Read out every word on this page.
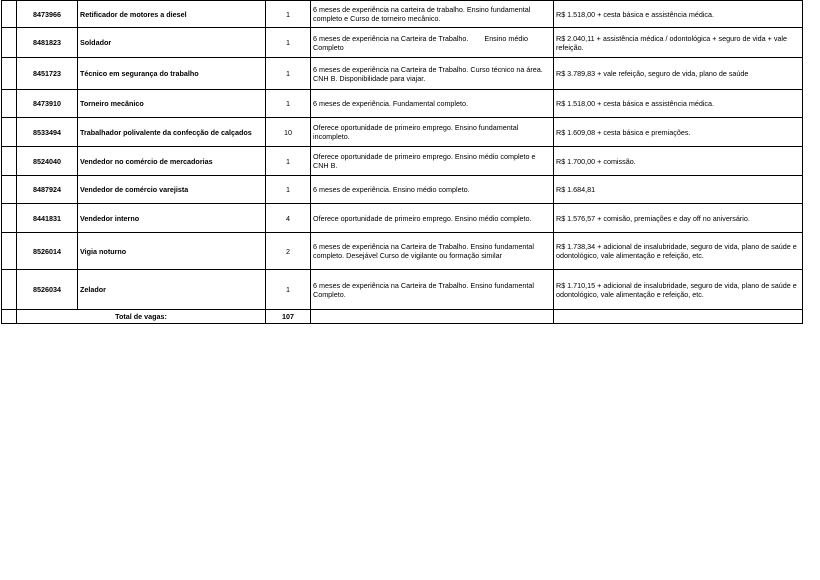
	8473966	Retificador de motores a diesel	1	6 meses de experiência na carteira de trabalho. Ensino fundamental completo e Curso de torneiro mecânico.	R$ 1.518,00 + cesta básica e assistência médica.
	8481823	Soldador	1	6 meses de experiência na Carteira de Trabalho.        Ensino médio Completo	R$ 2.040,11 + assistência médica / odontológica + seguro de vida + vale refeição.
	8451723	Técnico em segurança do trabalho	1	6 meses de experiência na Carteira de Trabalho. Curso técnico na área. CNH B. Disponibilidade para viajar.	R$ 3.789,83 + vale refeição, seguro de vida, plano de saúde
	8473910	Torneiro mecânico	1	6 meses de experiência. Fundamental completo.	R$ 1.518,00 + cesta básica e assistência médica.
	8533494	Trabalhador polivalente da confecção de calçados	10	Oferece oportunidade de primeiro emprego. Ensino fundamental incompleto.	R$ 1.609,08 + cesta básica e premiações.
	8524040	Vendedor no comércio de mercadorias	1	Oferece oportunidade de primeiro emprego. Ensino médio completo e CNH B.	R$ 1.700,00 + comissão.
	8487924	Vendedor de comércio varejista	1	6 meses de experiência. Ensino médio completo.	R$ 1.684,81
	8441831	Vendedor interno	4	Oferece oportunidade de primeiro emprego. Ensino médio completo.	R$ 1.576,57 + comisão, premiações e day off no aniversário.
	8526014	Vigia noturno	2	6 meses de experiência na Carteira de Trabalho. Ensino fundamental completo. Desejável Curso de vigilante ou formação similar	R$ 1.738,34 + adicional de insalubridade, seguro de vida, plano de saúde e odontológico, vale alimentação e refeição, etc.
	8526034	Zelador	1	6 meses de experiência na Carteira de Trabalho. Ensino fundamental Completo.	R$ 1.710,15 + adicional de insalubridade, seguro de vida, plano de saúde e odontológico, vale alimentação e refeição, etc.
	Total de vagas:		107		
